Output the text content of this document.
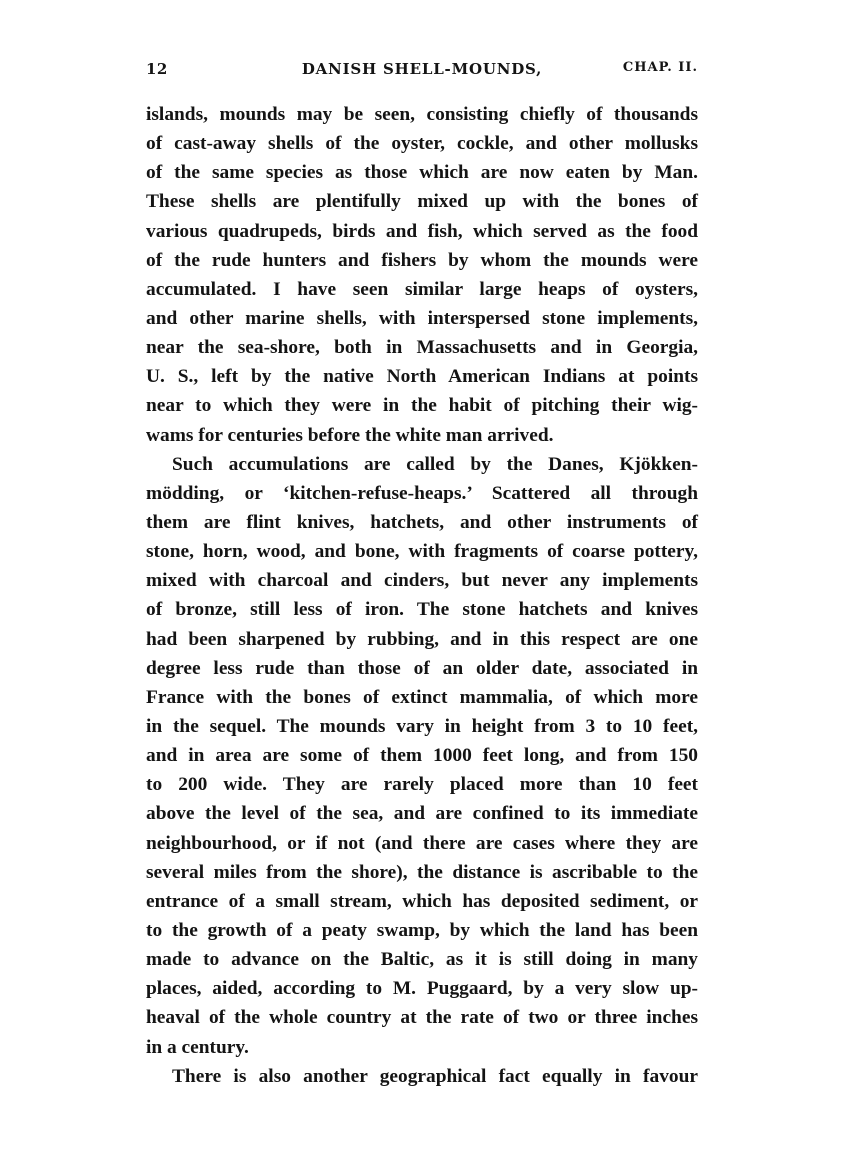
12	DANISH SHELL-MOUNDS,	CHAP. II.
islands, mounds may be seen, consisting chiefly of thousands
of cast-away shells of the oyster, cockle, and other mollusks
of the same species as those which are now eaten by Man.
These shells are plentifully mixed up with the bones of
various quadrupeds, birds and fish, which served as the food
of the rude hunters and fishers by whom the mounds were
accumulated. I have seen similar large heaps of oysters,
and other marine shells, with interspersed stone implements,
near the sea-shore, both in Massachusetts and in Georgia,
U. S., left by the native North American Indians at points
near to which they were in the habit of pitching their wig-
wams for centuries before the white man arrived.
Such accumulations are called by the Danes, Kjökken-
mödding, or ‘kitchen-refuse-heaps.’ Scattered all through
them are flint knives, hatchets, and other instruments of
stone, horn, wood, and bone, with fragments of coarse pottery,
mixed with charcoal and cinders, but never any implements
of bronze, still less of iron. The stone hatchets and knives
had been sharpened by rubbing, and in this respect are one
degree less rude than those of an older date, associated in
France with the bones of extinct mammalia, of which more
in the sequel. The mounds vary in height from 3 to 10 feet,
and in area are some of them 1000 feet long, and from 150
to 200 wide. They are rarely placed more than 10 feet
above the level of the sea, and are confined to its immediate
neighbourhood, or if not (and there are cases where they are
several miles from the shore), the distance is ascribable to the
entrance of a small stream, which has deposited sediment, or
to the growth of a peaty swamp, by which the land has been
made to advance on the Baltic, as it is still doing in many
places, aided, according to M. Puggaard, by a very slow up-
heaval of the whole country at the rate of two or three inches
in a century.
There is also another geographical fact equally in favour
